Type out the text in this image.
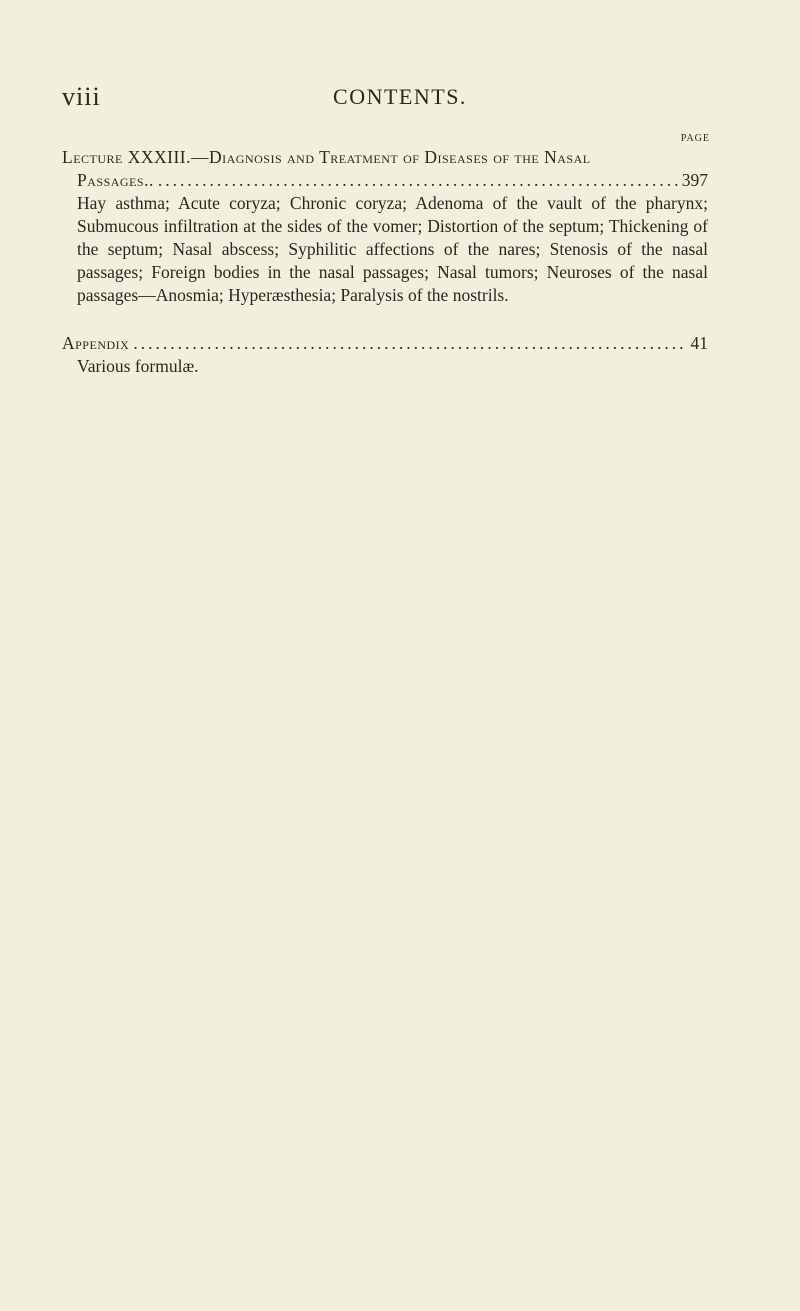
viii	CONTENTS.
PAGE
Lecture XXXIII.—Diagnosis and Treatment of Diseases of the Nasal
Passages.. .....	397

Hay asthma; Acute coryza; Chronic coryza; Adenoma of the vault of the pharynx; Submucous infiltration at the sides of the vomer; Distortion of the septum; Thickening of the septum; Nasal abscess; Syphilitic affections of the nares; Stenosis of the nasal passages; Foreign bodies in the nasal passages; Nasal tumors; Neuroses of the nasal passages—Anosmia; Hyperæsthesia; Paralysis of the nostrils.

Appendix .....	41

Various formulæ.
